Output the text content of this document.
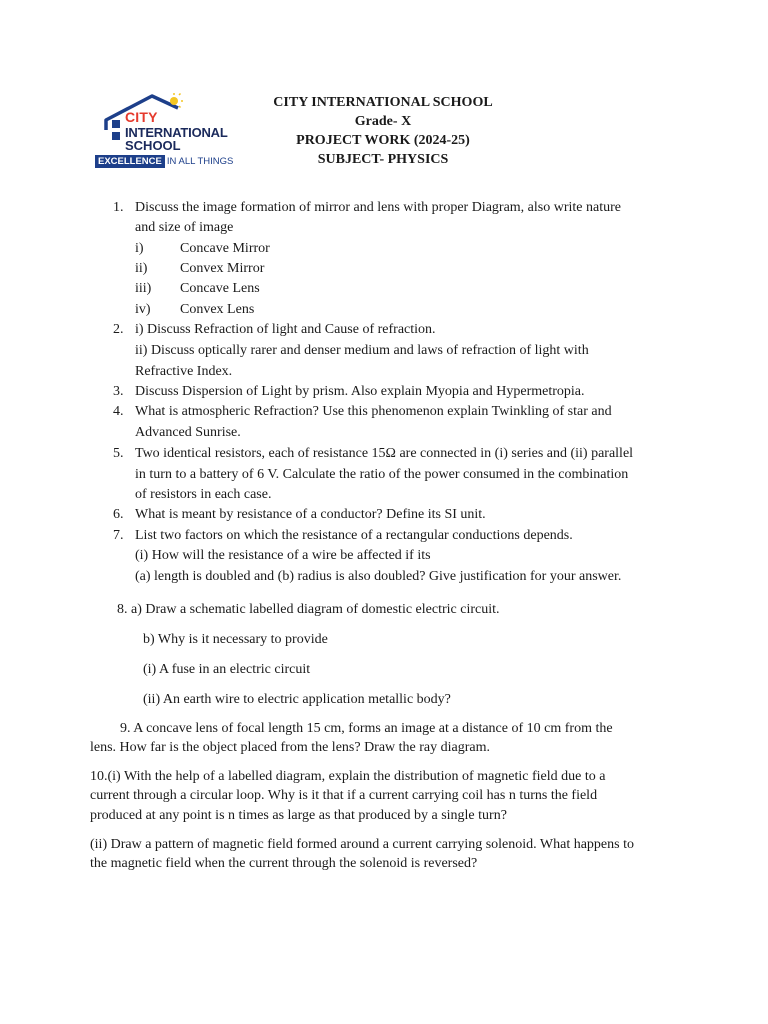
CITY
INTERNATIONAL
SCHOOL
EXCELLENCE IN ALL THINGS
CITY INTERNATIONAL SCHOOL
Grade- X
PROJECT WORK (2024-25)
SUBJECT- PHYSICS
1. Discuss the image formation of mirror and lens with proper Diagram, also write nature
and size of image
i)	Concave Mirror
ii) Convex Mirror
iii) Concave Lens
iv) Convex Lens
2. i) Discuss Refraction of light and Cause of refraction.
ii) Discuss optically rarer and denser medium and laws of refraction of light with
Refractive Index.
3. Discuss Dispersion of Light by prism. Also explain Myopia and Hypermetropia.
4. What is atmospheric Refraction? Use this phenomenon explain Twinkling of star and
Advanced Sunrise.
5. Two identical resistors, each of resistance 15Ω are connected in (i) series and (ii) parallel
in turn to a battery of 6 V. Calculate the ratio of the power consumed in the combination
of resistors in each case.
6. What is meant by resistance of a conductor? Define its SI unit.
7. List two factors on which the resistance of a rectangular conductions depends.
(i) How will the resistance of a wire be affected if its
(a) length is doubled and (b) radius is also doubled? Give justification for your answer.
8. a) Draw a schematic labelled diagram of domestic electric circuit.
b) Why is it necessary to provide
(i) A fuse in an electric circuit
(ii) An earth wire to electric application metallic body?
9. A concave lens of focal length 15 cm, forms an image at a distance of 10 cm from the
lens. How far is the object placed from the lens? Draw the ray diagram.
10.(i) With the help of a labelled diagram, explain the distribution of magnetic field due to a
current through a circular loop. Why is it that if a current carrying coil has n turns the field
produced at any point is n times as large as that produced by a single turn?
(ii) Draw a pattern of magnetic field formed around a current carrying solenoid. What happens to
the magnetic field when the current through the solenoid is reversed?
